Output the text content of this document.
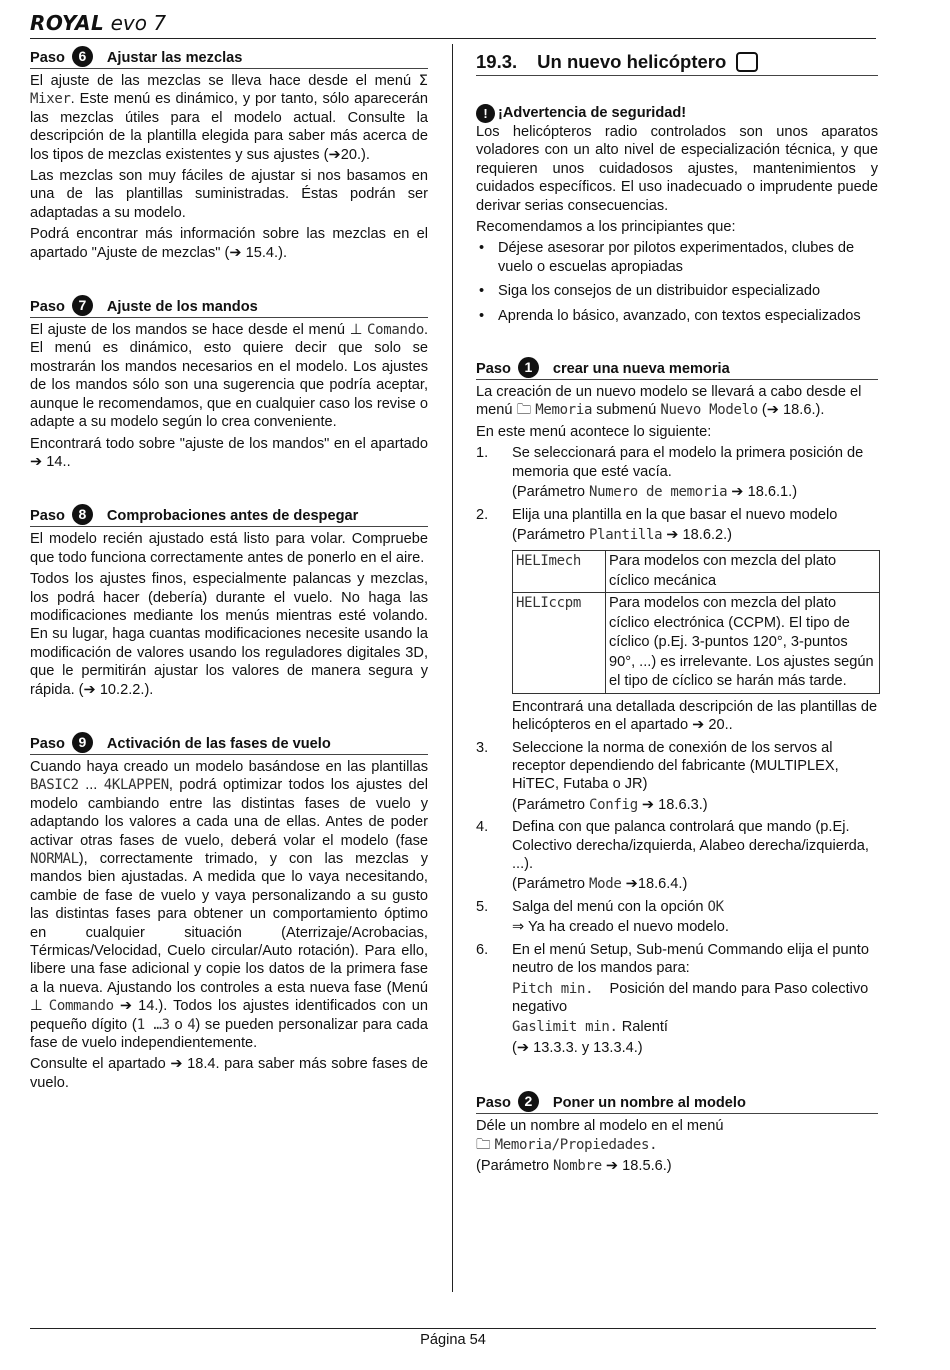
ROYAL evo 7
Paso 6	Ajustar las mezclas

El ajuste de las mezclas se lleva hace desde el menú Σ Mixer. Este menú es dinámico, y por tanto, sólo aparecerán las mezclas útiles para el modelo actual. Consulte la descripción de la plantilla elegida para saber más acerca de los tipos de mezclas existentes y sus ajustes (➔20.).

Las mezclas son muy fáciles de ajustar si nos basamos en una de las plantillas suministradas. Éstas podrán ser adaptadas a su modelo.

Podrá encontrar más información sobre las mezclas en el apartado "Ajuste de mezclas" (➔ 15.4.).

Paso 7	Ajuste de los mandos

El ajuste de los mandos se hace desde el menú ⊥ Comando. El menú es dinámico, esto quiere decir que solo se mostrarán los mandos necesarios en el modelo. Los ajustes de los mandos sólo son una sugerencia que podría aceptar, aunque le recomendamos, que en cualquier caso los revise o adapte a su modelo según lo crea conveniente.

Encontrará todo sobre "ajuste de los mandos" en el apartado ➔ 14..

Paso 8	Comprobaciones antes de despegar

El modelo recién ajustado está listo para volar. Compruebe que todo funciona correctamente antes de ponerlo en el aire.

Todos los ajustes finos, especialmente palancas y mezclas, los podrá hacer (debería) durante el vuelo. No haga las modificaciones mediante los menús mientras esté volando. En su lugar, haga cuantas modificaciones necesite usando la modificación de valores usando los reguladores digitales 3D, que le permitirán ajustar los valores de manera segura y rápida. (➔ 10.2.2.).

Paso 9	Activación de las fases de vuelo

Cuando haya creado un modelo basándose en las plantillas BASIC2 ... 4KLAPPEN, podrá optimizar todos los ajustes del modelo cambiando entre las distintas fases de vuelo y adaptando los valores a cada una de ellas. Antes de poder activar otras fases de vuelo, deberá volar el modelo (fase NORMAL), correctamente trimado, y con las mezclas y mandos bien ajustadas. A medida que lo vaya necesitando, cambie de fase de vuelo y vaya personalizando a su gusto las distintas fases para obtener un comportamiento óptimo en cualquier situación (Aterrizaje/Acrobacias, Térmicas/Velocidad, Cuelo circular/Auto rotación). Para ello, libere una fase adicional y copie los datos de la primera fase a la nueva. Ajustando los controles a esta nueva fase (Menú ⊥ Commando ➔ 14.). Todos los ajustes identificados con un pequeño dígito (1 …3 o 4) se pueden personalizar para cada fase de vuelo independientemente.

Consulte el apartado ➔ 18.4. para saber más sobre fases de vuelo.

19.3. Un nuevo helicóptero
! ¡Advertencia de seguridad!

Los helicópteros radio controlados son unos aparatos voladores con un alto nivel de especialización técnica, y que requieren unos cuidadosos ajustes, mantenimientos y cuidados específicos. El uso inadecuado o imprudente puede derivar serias consecuencias.

Recomendamos a los principiantes que:

• Déjese asesorar por pilotos experimentados, clubes de vuelo o escuelas apropiadas
• Siga los consejos de un distribuidor especializado
• Aprenda lo básico, avanzado, con textos especializados
Paso 1	crear una nueva memoria

La creación de un nuevo modelo se llevará a cabo desde el menú 🗀 Memoria submenú Nuevo Modelo (➔ 18.6.).

En este menú acontece lo siguiente:

1. Se seleccionará para el modelo la primera posición de memoria que esté vacía.
(Parámetro Numero de memoria ➔ 18.6.1.)
2. Elija una plantilla en la que basar el nuevo modelo
(Parámetro Plantilla ➔ 18.6.2.)
HELImech	Para modelos con mezcla del plato cíclico mecánica
HELIccpm	Para modelos con mezcla del plato cíclico electrónica (CCPM). El tipo de cíclico (p.Ej. 3-puntos 120°, 3-puntos 90°, ...) es irrelevante. Los ajustes según el tipo de cíclico se harán más tarde.
Encontrará una detallada descripción de las plantillas de helicópteros en el apartado ➔ 20..
3. Seleccione la norma de conexión de los servos al receptor dependiendo del fabricante (MULTIPLEX, HiTEC, Futaba o JR)
(Parámetro Config ➔ 18.6.3.)
4. Defina con que palanca controlará que mando (p.Ej. Colectivo derecha/izquierda, Alabeo derecha/izquierda, ...).
(Parámetro Mode ➔18.6.4.)
5. Salga del menú con la opción OK
⇒ Ya ha creado el nuevo modelo.
6. En el menú Setup, Sub-menú Commando elija el punto neutro de los mandos para:
Pitch min. Posición del mando para Paso colectivo negativo
Gaslimit min. Ralentí
(➔ 13.3.3. y 13.3.4.)
Paso 2	Poner un nombre al modelo

Déle un nombre al modelo en el menú
🗀 Memoria/Propiedades.

(Parámetro Nombre ➔ 18.5.6.)

Página 54
